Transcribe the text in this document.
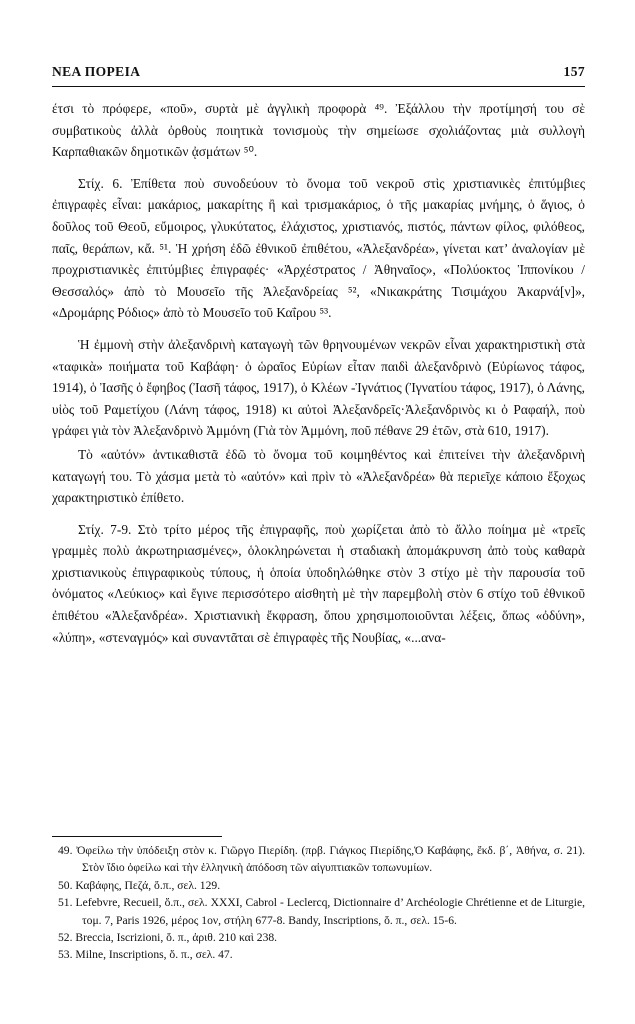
ΝΕΑ ΠΟΡΕΙΑ	157

έτσι τὸ πρόφερε, «ποῦ», συρτὰ μὲ ἀγγλικὴ προφορὰ ⁴⁹. Ἐξάλλου τὴν προτίμησή του σὲ συμβατικοὺς ἀλλὰ ὀρθοὺς ποιητικὰ τονισμοὺς τὴν σημείωσε σχολιάζοντας μιὰ συλλογὴ Καρπαθιακῶν δημοτικῶν ᾀσμάτων ⁵⁰.

Στίχ. 6. Ἐπίθετα ποὺ συνοδεύουν τὸ ὄνομα τοῦ νεκροῦ στὶς χριστιανικὲς ἐπιτύμβιες ἐπιγραφὲς εἶναι: μακάριος, μακαρίτης ἢ καὶ τρισμακάριος, ὁ τῆς μακαρίας μνήμης, ὁ ἅγιος, ὁ δοῦλος τοῦ Θεοῦ, εὔμοιρος, γλυκύτατος, ἐλάχιστος, χριστιανός, πιστός, πάντων φίλος, φιλόθεος, παῖς, θεράπων, κἄ. ⁵¹. Ἡ χρήση ἐδῶ ἐθνικοῦ ἐπιθέτου, «Ἀλεξανδρέα», γίνεται κατ’ ἀναλογίαν μὲ προχριστιανικὲς ἐπιτύμβιες ἐπιγραφές· «Ἀρχέστρατος / Ἀθηναῖος», «Πολύοκτος Ἱππονίκου / Θεσσαλός» ἀπὸ τὸ Μουσεῖο τῆς Ἀλεξανδρείας ⁵², «Νικακράτης Τισιμάχου Ἀκαρνά[ν]», «Δρομάρης Ρόδιος» ἀπὸ τὸ Μουσεῖο τοῦ Καΐρου ⁵³.

Ἡ ἐμμονὴ στὴν ἀλεξανδρινὴ καταγωγὴ τῶν θρηνουμένων νεκρῶν εἶναι χαρακτηριστικὴ στὰ «ταφικὰ» ποιήματα τοῦ Καβάφη· ὁ ὡραῖος Εὐρίων εἶταν παιδὶ ἀλεξανδρινὸ (Εὐρίωνος τάφος, 1914), ὁ Ἰασῆς ὁ ἔφηβος (Ἰασῆ τάφος, 1917), ὁ Κλέων -Ἰγνάτιος (Ἰγνατίου τάφος, 1917), ὁ Λάνης, υἱὸς τοῦ Ραμετίχου (Λάνη τάφος, 1918) κι αὐτοὶ Ἀλεξανδρεῖς·Ἀλεξανδρινὸς κι ὁ Ραφαήλ, ποὺ γράφει γιὰ τὸν Ἀλεξανδρινὸ Ἀμμόνη (Γιὰ τὸν Ἀμμόνη, ποῦ πέθανε 29 ἐτῶν, στὰ 610, 1917).

Τὸ «αὐτόν» ἀντικαθιστᾶ ἐδῶ τὸ ὄνομα τοῦ κοιμηθέντος καὶ ἐπιτείνει τὴν ἀλεξανδρινὴ καταγωγή του. Τὸ χάσμα μετὰ τὸ «αὐτόν» καὶ πρὶν τὸ «Ἀλεξανδρέα» θὰ περιεῖχε κάποιο ἔξοχως χαρακτηριστικὸ ἐπίθετο.

Στίχ. 7-9. Στὸ τρίτο μέρος τῆς ἐπιγραφῆς, ποὺ χωρίζεται ἀπὸ τὸ ἄλλο ποίημα μὲ «τρεῖς γραμμὲς πολὺ ἀκρωτηριασμένες», ὁλοκληρώνεται ἡ σταδιακὴ ἀπομάκρυνση ἀπὸ τοὺς καθαρὰ χριστιανικοὺς ἐπιγραφικοὺς τύπους, ἡ ὁποία ὑποδηλώθηκε στὸν 3 στίχο μὲ τὴν παρουσία τοῦ ὀνόματος «Λεύκιος» καὶ ἔγινε περισσότερο αἰσθητὴ μὲ τὴν παρεμβολὴ στὸν 6 στίχο τοῦ ἐθνικοῦ ἐπιθέτου «Ἀλεξανδρέα». Χριστιανικὴ ἔκφραση, ὅπου χρησιμοποιοῦνται λέξεις, ὅπως «ὀδύνη», «λύπη», «στεναγμός» καὶ συναντᾶται σὲ ἐπιγραφὲς τῆς Νουβίας, «...ανα-

49. Ὀφείλω τὴν ὑπόδειξη στὸν κ. Γιῶργο Πιερίδη. (πρβ. Γιάγκος Πιερίδης,Ὁ Καβάφης, ἔκδ. β΄, Ἀθήνα, σ. 21). Στὸν ἴδιο ὀφείλω καὶ τὴν ἑλληνικὴ ἀπόδοση τῶν αἰγυπτιακῶν τοπωνυμίων.

50. Καβάφης, Πεζά, ὅ.π., σελ. 129.

51. Lefebvre, Recueil, ὅ.π., σελ. XXXI, Cabrol - Leclercq, Dictionnaire d’ Archéologie Chrétienne et de Liturgie, τομ. 7, Paris 1926, μέρος 1ον, στήλη 677-8. Bandy, Inscriptions, ὅ. π., σελ. 15-6.

52. Breccia, Iscrizioni, ὅ. π., ἀριθ. 210 καὶ 238.

53. Milne, Inscriptions, ὅ. π., σελ. 47.
